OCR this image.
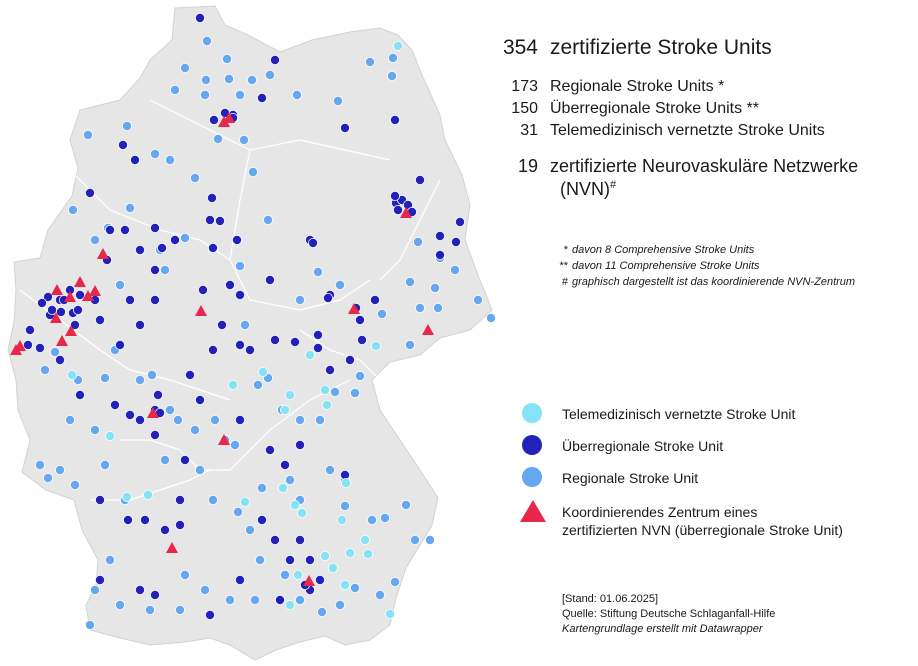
354 zertifizierte Stroke Units
173 Regionale Stroke Units *
150 Überregionale Stroke Units **
31 Telemedizinisch vernetzte Stroke Units
19 zertifizierte Neurovaskuläre Netzwerke
(NVN)#
* davon 8 Comprehensive Stroke Units
** davon 11 Comprehensive Stroke Units
# graphisch dargestellt ist das koordinierende NVN-Zentrum
Telemedizinisch vernetzte Stroke Unit
Überregionale Stroke Unit
Regionale Stroke Unit
Koordinierendes Zentrum eines
zertifizierten NVN (überregionale Stroke Unit)
[Stand: 01.06.2025]
Quelle: Stiftung Deutsche Schlaganfall-Hilfe
Kartengrundlage erstellt mit Datawrapper
